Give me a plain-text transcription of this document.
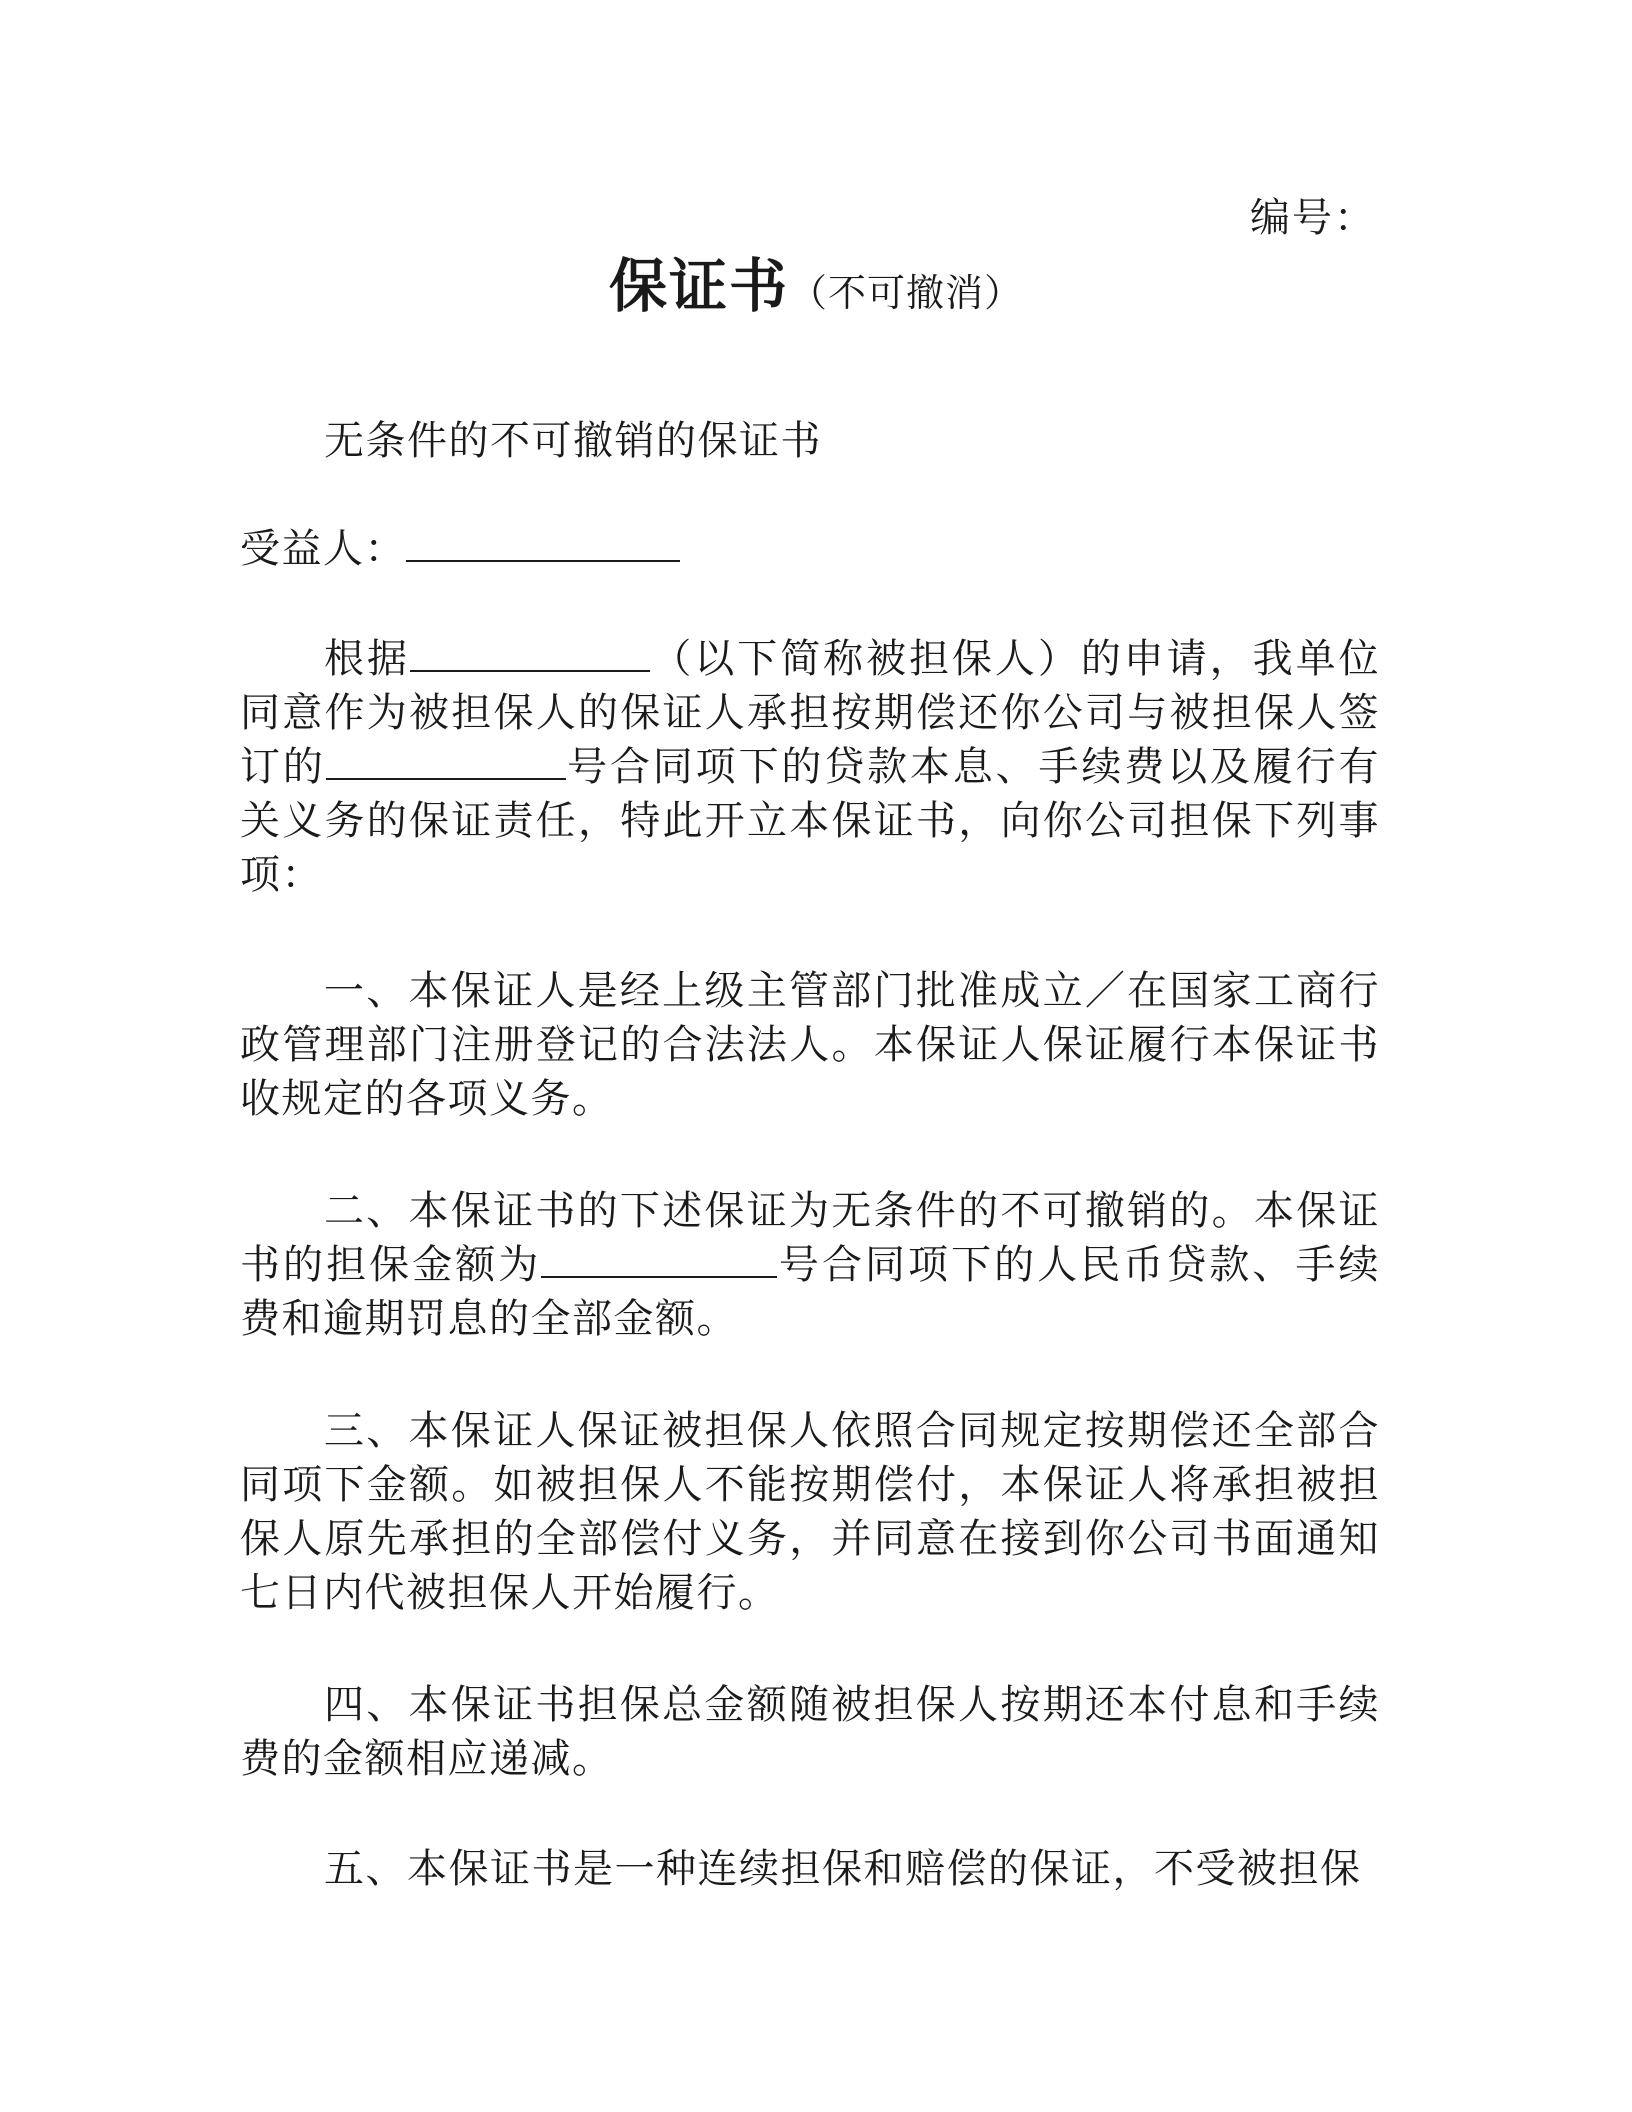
编号：
保证书（不可撤消）
无条件的不可撤销的保证书
受益人：
根据	（以下简称被担保人）的申请，我单位同意作为被担保人的保证人承担按期偿还你公司与被担保人签订的	号合同项下的贷款本息、手续费以及履行有关义务的保证责任，特此开立本保证书，向你公司担保下列事项：
一、本保证人是经上级主管部门批准成立／在国家工商行政管理部门注册登记的合法法人。本保证人保证履行本保证书收规定的各项义务。
二、本保证书的下述保证为无条件的不可撤销的。本保证书的担保金额为	号合同项下的人民币贷款、手续费和逾期罚息的全部金额。
三、本保证人保证被担保人依照合同规定按期偿还全部合同项下金额。如被担保人不能按期偿付，本保证人将承担被担保人原先承担的全部偿付义务，并同意在接到你公司书面通知七日内代被担保人开始履行。
四、本保证书担保总金额随被担保人按期还本付息和手续费的金额相应递减。
五、本保证书是一种连续担保和赔偿的保证，不受被担保
